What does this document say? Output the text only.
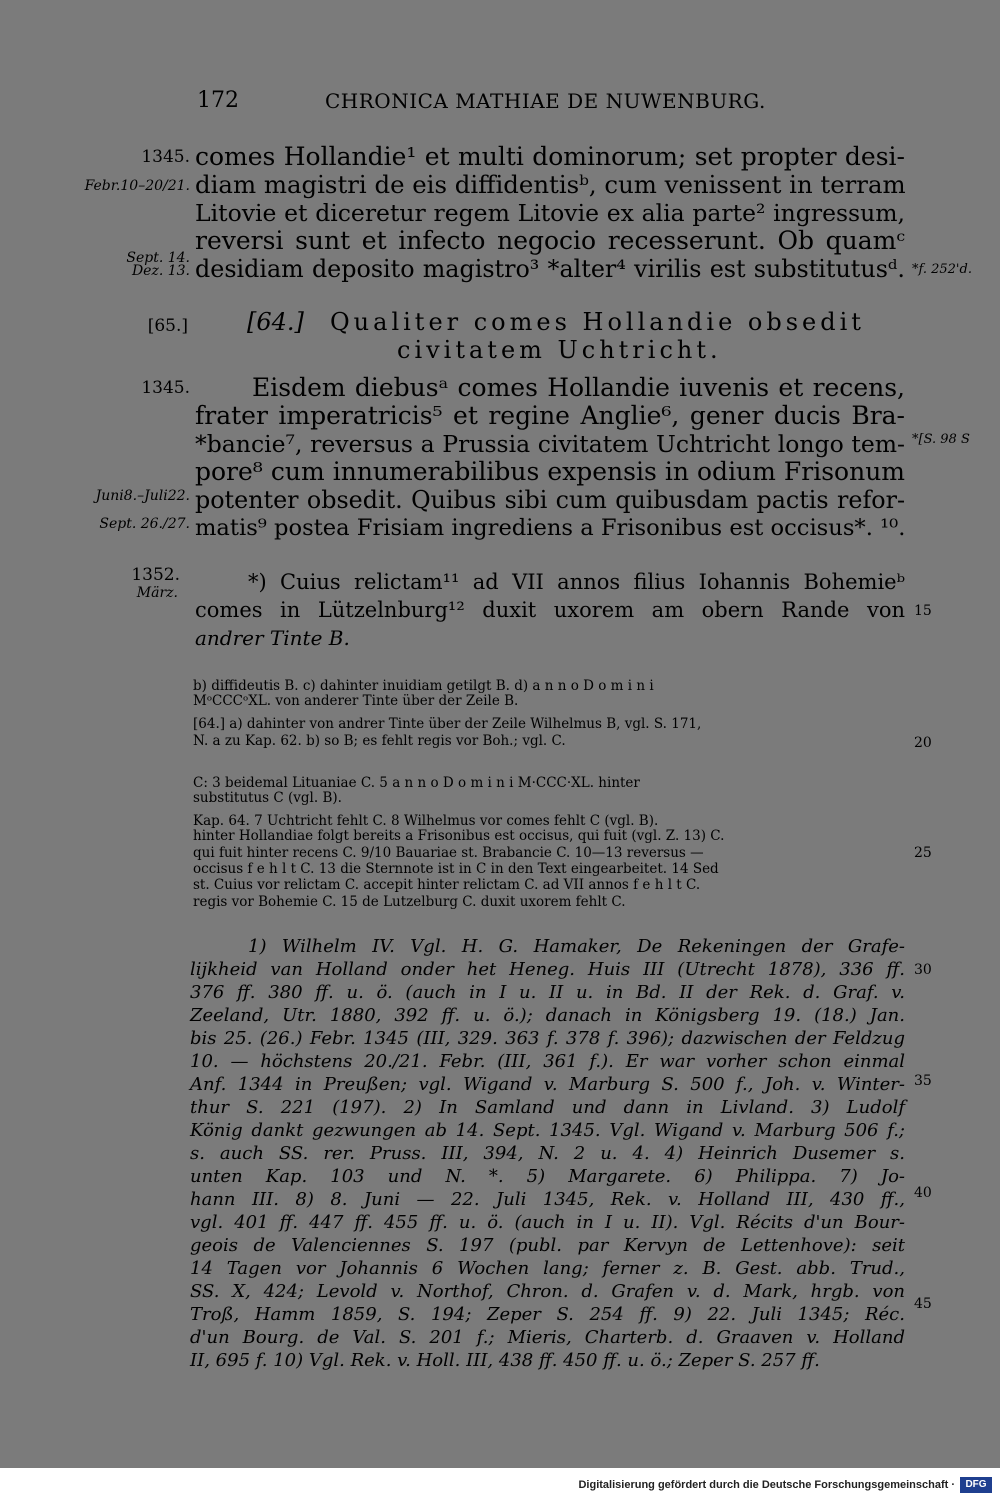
172	CHRONICA MATHIAE DE NUWENBURG.
1345.
Febr.10–20/21.
Sept. 14.
Dez. 13.
[65.]
1345.
Juni8.–Juli22.
Sept. 26./27.
1352.
März.
*f. 252'd.
*[S. 98 S
comes Hollandie¹ et multi dominorum; set propter desi-
diam magistri de eis diffidentisᵇ, cum venissent in terram
Litovie et diceretur regem Litovie ex alia parte² ingressum,
reversi sunt et infecto negocio recesserunt. Ob quamᶜ
desidiam deposito magistro³ *alter⁴ virilis est substitutusᵈ.
[64.] Qualiter comes Hollandie obsedit
civitatem Uchtricht.
Eisdem diebusᵃ comes Hollandie iuvenis et recens,
frater imperatricis⁵ et regine Anglie⁶, gener ducis Bra-
*bancie⁷, reversus a Prussia civitatem Uchtricht longo tem-
pore⁸ cum innumerabilibus expensis in odium Frisonum
potenter obsedit. Quibus sibi cum quibusdam pactis refor-
matis⁹ postea Frisiam ingrediens a Frisonibus est occisus*. ¹⁰.
*) Cuius relictam¹¹ ad VII annos filius Iohannis Bohemieᵇ
comes in Lützelnburg¹² duxit uxorem am obern Rande von
andrer Tinte B.
15
20
25
30
35
40
45
b) diffideutis B. c) dahinter inuidiam getilgt B. d) a n n o D o m i n i
MᵒCCCᵒXL. von anderer Tinte über der Zeile B.
[64.] a) dahinter von andrer Tinte über der Zeile Wilhelmus B, vgl. S. 171,
N. a zu Kap. 62. b) so B; es fehlt regis vor Boh.; vgl. C.
C: 3 beidemal Lituaniae C. 5 a n n o D o m i n i M·CCC·XL. hinter
substitutus C (vgl. B).
Kap. 64. 7 Uchtricht fehlt C. 8 Wilhelmus vor comes fehlt C (vgl. B).
hinter Hollandiae folgt bereits a Frisonibus est occisus, qui fuit (vgl. Z. 13) C.
qui fuit hinter recens C. 9/10 Bauariae st. Brabancie C. 10—13 reversus —
occisus f e h l t C. 13 die Sternnote ist in C in den Text eingearbeitet. 14 Sed
st. Cuius vor relictam C. accepit hinter relictam C. ad VII annos f e h l t C.
regis vor Bohemie C. 15 de Lutzelburg C. duxit uxorem fehlt C.
1) Wilhelm IV. Vgl. H. G. Hamaker, De Rekeningen der Grafe-
lijkheid van Holland onder het Heneg. Huis III (Utrecht 1878), 336 ff.
376 ff. 380 ff. u. ö. (auch in I u. II u. in Bd. II der Rek. d. Graf. v.
Zeeland, Utr. 1880, 392 ff. u. ö.); danach in Königsberg 19. (18.) Jan.
bis 25. (26.) Febr. 1345 (III, 329. 363 f. 378 f. 396); dazwischen der Feldzug
10. — höchstens 20./21. Febr. (III, 361 f.). Er war vorher schon einmal
Anf. 1344 in Preußen; vgl. Wigand v. Marburg S. 500 f., Joh. v. Winter-
thur S. 221 (197). 2) In Samland und dann in Livland. 3) Ludolf
König dankt gezwungen ab 14. Sept. 1345. Vgl. Wigand v. Marburg 506 f.;
s. auch SS. rer. Pruss. III, 394, N. 2 u. 4. 4) Heinrich Dusemer s.
unten Kap. 103 und N. *. 5) Margarete. 6) Philippa. 7) Jo-
hann III. 8) 8. Juni — 22. Juli 1345, Rek. v. Holland III, 430 ff.,
vgl. 401 ff. 447 ff. 455 ff. u. ö. (auch in I u. II). Vgl. Récits d'un Bour-
geois de Valenciennes S. 197 (publ. par Kervyn de Lettenhove): seit
14 Tagen vor Johannis 6 Wochen lang; ferner z. B. Gest. abb. Trud.,
SS. X, 424; Levold v. Northof, Chron. d. Grafen v. d. Mark, hrgb. von
Troß, Hamm 1859, S. 194; Zeper S. 254 ff. 9) 22. Juli 1345; Réc.
d'un Bourg. de Val. S. 201 f.; Mieris, Charterb. d. Graaven v. Holland
II, 695 f. 10) Vgl. Rek. v. Holl. III, 438 ff. 450 ff. u. ö.; Zeper S. 257 ff.
Digitalisierung gefördert durch die Deutsche Forschungsgemeinschaft ·	DFG
